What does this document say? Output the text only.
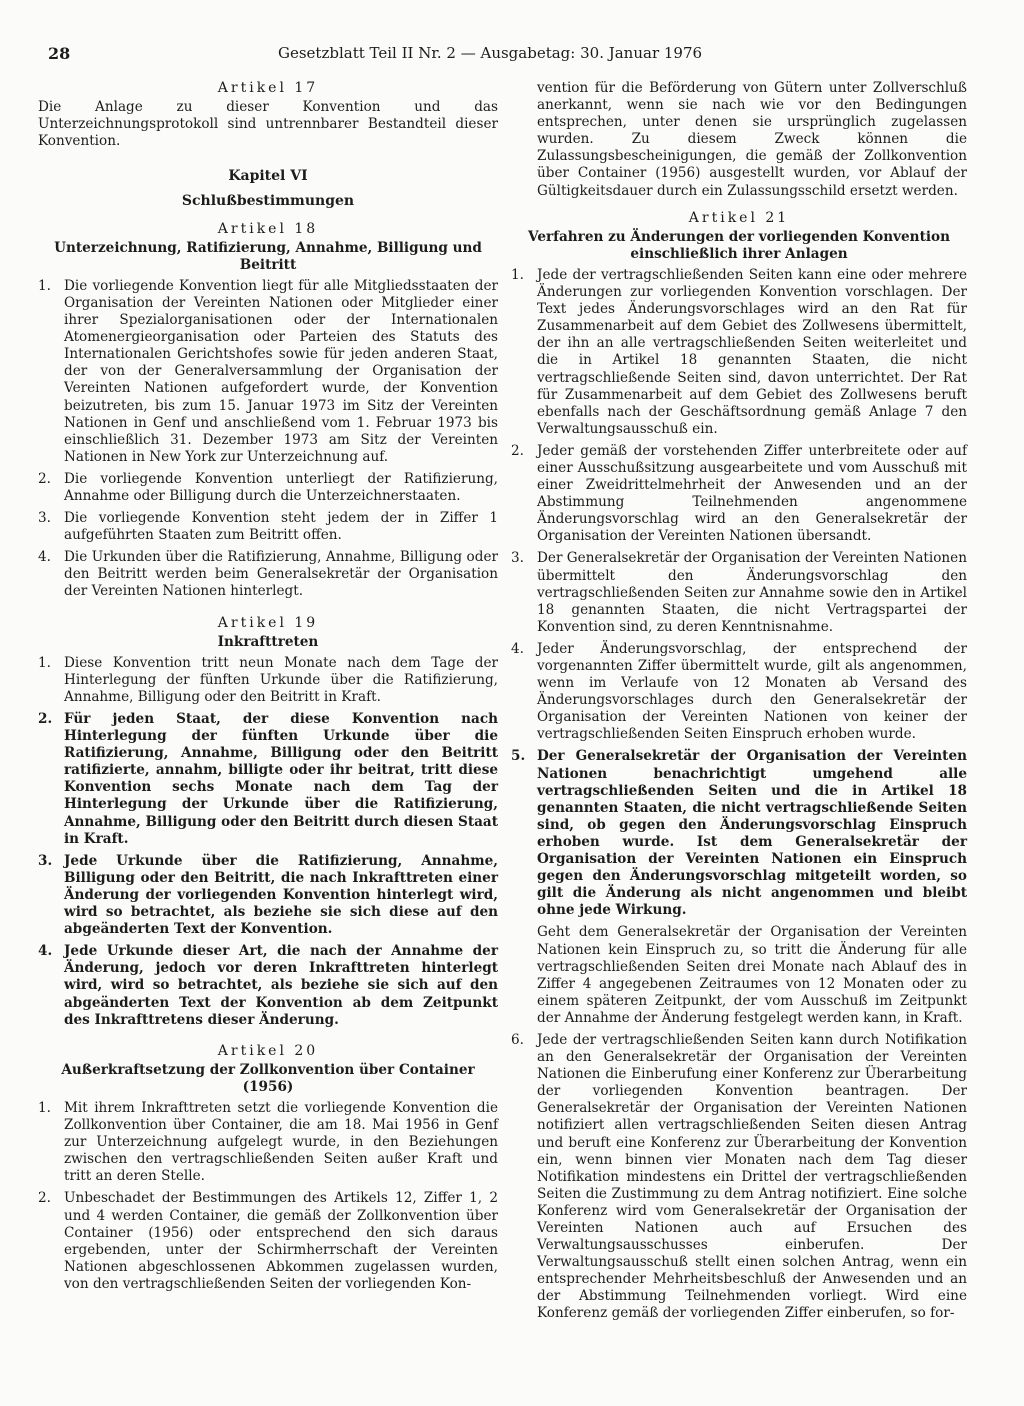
28	Gesetzblatt Teil II Nr. 2 — Ausgabetag: 30. Januar 1976
Artikel 17
Die Anlage zu dieser Konvention und das Unterzeichnungsprotokoll sind untrennbarer Bestandteil dieser Konvention.
Kapitel VI
Schlußbestimmungen
Artikel 18
Unterzeichnung, Ratifizierung, Annahme, Billigung und Beitritt
1. Die vorliegende Konvention liegt für alle Mitgliedsstaaten der Organisation der Vereinten Nationen oder Mitglieder einer ihrer Spezialorganisationen oder der Internationalen Atomenergieorganisation oder Parteien des Statuts des Internationalen Gerichtshofes sowie für jeden anderen Staat, der von der Generalversammlung der Organisation der Vereinten Nationen aufgefordert wurde, der Konvention beizutreten, bis zum 15. Januar 1973 im Sitz der Vereinten Nationen in Genf und anschließend vom 1. Februar 1973 bis einschließlich 31. Dezember 1973 am Sitz der Vereinten Nationen in New York zur Unterzeichnung auf.
2. Die vorliegende Konvention unterliegt der Ratifizierung, Annahme oder Billigung durch die Unterzeichnerstaaten.
3. Die vorliegende Konvention steht jedem der in Ziffer 1 aufgeführten Staaten zum Beitritt offen.
4. Die Urkunden über die Ratifizierung, Annahme, Billigung oder den Beitritt werden beim Generalsekretär der Organisation der Vereinten Nationen hinterlegt.
Artikel 19
Inkrafttreten
1. Diese Konvention tritt neun Monate nach dem Tage der Hinterlegung der fünften Urkunde über die Ratifizierung, Annahme, Billigung oder den Beitritt in Kraft.
2. Für jeden Staat, der diese Konvention nach Hinterlegung der fünften Urkunde über die Ratifizierung, Annahme, Billigung oder den Beitritt ratifizierte, annahm, billigte oder ihr beitrat, tritt diese Konvention sechs Monate nach dem Tag der Hinterlegung der Urkunde über die Ratifizierung, Annahme, Billigung oder den Beitritt durch diesen Staat in Kraft.
3. Jede Urkunde über die Ratifizierung, Annahme, Billigung oder den Beitritt, die nach Inkrafttreten einer Änderung der vorliegenden Konvention hinterlegt wird, wird so betrachtet, als beziehe sie sich diese auf den abgeänderten Text der Konvention.
4. Jede Urkunde dieser Art, die nach der Annahme der Änderung, jedoch vor deren Inkrafttreten hinterlegt wird, wird so betrachtet, als beziehe sie sich auf den abgeänderten Text der Konvention ab dem Zeitpunkt des Inkrafttretens dieser Änderung.
Artikel 20
Außerkraftsetzung der Zollkonvention über Container (1956)
1. Mit ihrem Inkrafttreten setzt die vorliegende Konvention die Zollkonvention über Container, die am 18. Mai 1956 in Genf zur Unterzeichnung aufgelegt wurde, in den Beziehungen zwischen den vertragschließenden Seiten außer Kraft und tritt an deren Stelle.
2. Unbeschadet der Bestimmungen des Artikels 12, Ziffer 1, 2 und 4 werden Container, die gemäß der Zollkonvention über Container (1956) oder entsprechend den sich daraus ergebenden, unter der Schirmherrschaft der Vereinten Nationen abgeschlossenen Abkommen zugelassen wurden, von den vertragschließenden Seiten der vorliegenden Kon-
vention für die Beförderung von Gütern unter Zollverschluß anerkannt, wenn sie nach wie vor den Bedingungen entsprechen, unter denen sie ursprünglich zugelassen wurden. Zu diesem Zweck können die Zulassungsbescheinigungen, die gemäß der Zollkonvention über Container (1956) ausgestellt wurden, vor Ablauf der Gültigkeitsdauer durch ein Zulassungsschild ersetzt werden.
Artikel 21
Verfahren zu Änderungen der vorliegenden Konvention einschließlich ihrer Anlagen
1. Jede der vertragschließenden Seiten kann eine oder mehrere Änderungen zur vorliegenden Konvention vorschlagen. Der Text jedes Änderungsvorschlages wird an den Rat für Zusammenarbeit auf dem Gebiet des Zollwesens übermittelt, der ihn an alle vertragschließenden Seiten weiterleitet und die in Artikel 18 genannten Staaten, die nicht vertragschließende Seiten sind, davon unterrichtet. Der Rat für Zusammenarbeit auf dem Gebiet des Zollwesens beruft ebenfalls nach der Geschäftsordnung gemäß Anlage 7 den Verwaltungsausschuß ein.
2. Jeder gemäß der vorstehenden Ziffer unterbreitete oder auf einer Ausschußsitzung ausgearbeitete und vom Ausschuß mit einer Zweidrittelmehrheit der Anwesenden und an der Abstimmung Teilnehmenden angenommene Änderungsvorschlag wird an den Generalsekretär der Organisation der Vereinten Nationen übersandt.
3. Der Generalsekretär der Organisation der Vereinten Nationen übermittelt den Änderungsvorschlag den vertragschließenden Seiten zur Annahme sowie den in Artikel 18 genannten Staaten, die nicht Vertragspartei der Konvention sind, zu deren Kenntnisnahme.
4. Jeder Änderungsvorschlag, der entsprechend der vorgenannten Ziffer übermittelt wurde, gilt als angenommen, wenn im Verlaufe von 12 Monaten ab Versand des Änderungsvorschlages durch den Generalsekretär der Organisation der Vereinten Nationen von keiner der vertragschließenden Seiten Einspruch erhoben wurde.
5. Der Generalsekretär der Organisation der Vereinten Nationen benachrichtigt umgehend alle vertragschließenden Seiten und die in Artikel 18 genannten Staaten, die nicht vertragschließende Seiten sind, ob gegen den Änderungsvorschlag Einspruch erhoben wurde. Ist dem Generalsekretär der Organisation der Vereinten Nationen ein Einspruch gegen den Änderungsvorschlag mitgeteilt worden, so gilt die Änderung als nicht angenommen und bleibt ohne jede Wirkung.
Geht dem Generalsekretär der Organisation der Vereinten Nationen kein Einspruch zu, so tritt die Änderung für alle vertragschließenden Seiten drei Monate nach Ablauf des in Ziffer 4 angegebenen Zeitraumes von 12 Monaten oder zu einem späteren Zeitpunkt, der vom Ausschuß im Zeitpunkt der Annahme der Änderung festgelegt werden kann, in Kraft.
6. Jede der vertragschließenden Seiten kann durch Notifikation an den Generalsekretär der Organisation der Vereinten Nationen die Einberufung einer Konferenz zur Überarbeitung der vorliegenden Konvention beantragen. Der Generalsekretär der Organisation der Vereinten Nationen notifiziert allen vertragschließenden Seiten diesen Antrag und beruft eine Konferenz zur Überarbeitung der Konvention ein, wenn binnen vier Monaten nach dem Tag dieser Notifikation mindestens ein Drittel der vertragschließenden Seiten die Zustimmung zu dem Antrag notifiziert. Eine solche Konferenz wird vom Generalsekretär der Organisation der Vereinten Nationen auch auf Ersuchen des Verwaltungsausschusses einberufen. Der Verwaltungsausschuß stellt einen solchen Antrag, wenn ein entsprechender Mehrheitsbeschluß der Anwesenden und an der Abstimmung Teilnehmenden vorliegt. Wird eine Konferenz gemäß der vorliegenden Ziffer einberufen, so for-
